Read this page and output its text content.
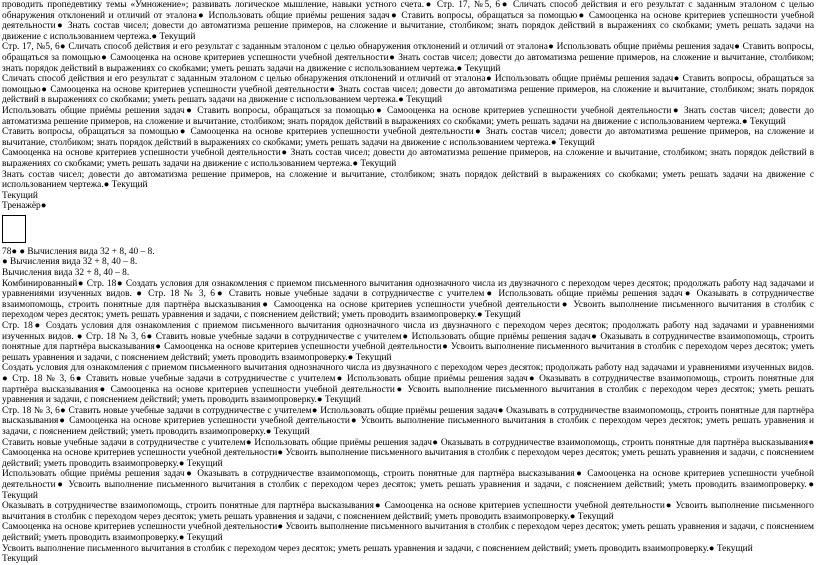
проводить пропедевтику темы «Умножение»; развивать логическое мышление, навыки устного счета.● Стр. 17, №5, 6● Сличать способ действия и его результат с заданным эталоном с целью обнаружения отклонений и отличий от эталона● Использовать общие приёмы решения задач● Ставить вопросы, обращаться за помощью● Самооценка на основе критериев успешности учебной деятельности● Знать состав чисел; довести до автоматизма решение примеров, на сложение и вычитание, столбиком; знать порядок действий в выражениях со скобками; уметь решать задачи на движение с использованием чертежа.● Текущий

Стр. 17, №5, 6● Сличать способ действия и его результат с заданным эталоном с целью обнаружения отклонений и отличий от эталона● Использовать общие приёмы решения задач● Ставить вопросы, обращаться за помощью● Самооценка на основе критериев успешности учебной деятельности● Знать состав чисел; довести до автоматизма решение примеров, на сложение и вычитание, столбиком; знать порядок действий в выражениях со скобками; уметь решать задачи на движение с использованием чертежа.● Текущий

Сличать способ действия и его результат с заданным эталоном с целью обнаружения отклонений и отличий от эталона● Использовать общие приёмы решения задач● Ставить вопросы, обращаться за помощью● Самооценка на основе критериев успешности учебной деятельности● Знать состав чисел; довести до автоматизма решение примеров, на сложение и вычитание, столбиком; знать порядок действий в выражениях со скобками; уметь решать задачи на движение с использованием чертежа.● Текущий

Использовать общие приёмы решения задач● Ставить вопросы, обращаться за помощью● Самооценка на основе критериев успешности учебной деятельности● Знать состав чисел; довести до автоматизма решение примеров, на сложение и вычитание, столбиком; знать порядок действий в выражениях со скобками; уметь решать задачи на движение с использованием чертежа.● Текущий

Ставить вопросы, обращаться за помощью● Самооценка на основе критериев успешности учебной деятельности● Знать состав чисел; довести до автоматизма решение примеров, на сложение и вычитание, столбиком; знать порядок действий в выражениях со скобками; уметь решать задачи на движение с использованием чертежа.● Текущий

Самооценка на основе критериев успешности учебной деятельности● Знать состав чисел; довести до автоматизма решение примеров, на сложение и вычитание, столбиком; знать порядок действий в выражениях со скобками; уметь решать задачи на движение с использованием чертежа.● Текущий

Знать состав чисел; довести до автоматизма решение примеров, на сложение и вычитание, столбиком; знать порядок действий в выражениях со скобками; уметь решать задачи на движение с использованием чертежа.● Текущий

Текущий

Тренажёр●

78● ● Вычисления вида 32 + 8, 40 – 8.

● Вычисления вида 32 + 8, 40 – 8.

Вычисления вида 32 + 8, 40 – 8.

Комбинированный● Стр. 18● Создать условия для ознакомления с приемом письменного вычитания однозначного числа из двузначного с переходом через десяток; продолжать работу над задачами и уравнениями изученных видов. ● Стр. 18 № 3, 6● Ставить новые учебные задачи в сотрудничестве с учителем● Использовать общие приёмы решения задач● Оказывать в сотрудничестве взаимопомощь, строить понятные для партнёра высказывания● Самооценка на основе критериев успешности учебной деятельности● Усвоить выполнение письменного вычитания в столбик с переходом через десяток; уметь решать уравнения и задачи, с пояснением действий; уметь проводить взаимопроверку.● Текущий

Стр. 18● Создать условия для ознакомления с приемом письменного вычитания однозначного числа из двузначного с переходом через десяток; продолжать работу над задачами и уравнениями изученных видов. ● Стр. 18 № 3, 6● Ставить новые учебные задачи в сотрудничестве с учителем● Использовать общие приёмы решения задач● Оказывать в сотрудничестве взаимопомощь, строить понятные для партнёра высказывания● Самооценка на основе критериев успешности учебной деятельности● Усвоить выполнение письменного вычитания в столбик с переходом через десяток; уметь решать уравнения и задачи, с пояснением действий; уметь проводить взаимопроверку.● Текущий

Создать условия для ознакомления с приемом письменного вычитания однозначного числа из двузначного с переходом через десяток; продолжать работу над задачами и уравнениями изученных видов. ● Стр. 18 № 3, 6● Ставить новые учебные задачи в сотрудничестве с учителем● Использовать общие приёмы решения задач● Оказывать в сотрудничестве взаимопомощь, строить понятные для партнёра высказывания● Самооценка на основе критериев успешности учебной деятельности● Усвоить выполнение письменного вычитания в столбик с переходом через десяток; уметь решать уравнения и задачи, с пояснением действий; уметь проводить взаимопроверку.● Текущий

Стр. 18 № 3, 6● Ставить новые учебные задачи в сотрудничестве с учителем● Использовать общие приёмы решения задач● Оказывать в сотрудничестве взаимопомощь, строить понятные для партнёра высказывания● Самооценка на основе критериев успешности учебной деятельности● Усвоить выполнение письменного вычитания в столбик с переходом через десяток; уметь решать уравнения и задачи, с пояснением действий; уметь проводить взаимопроверку.● Текущий

Ставить новые учебные задачи в сотрудничестве с учителем● Использовать общие приёмы решения задач● Оказывать в сотрудничестве взаимопомощь, строить понятные для партнёра высказывания● Самооценка на основе критериев успешности учебной деятельности● Усвоить выполнение письменного вычитания в столбик с переходом через десяток; уметь решать уравнения и задачи, с пояснением действий; уметь проводить взаимопроверку.● Текущий

Использовать общие приёмы решения задач● Оказывать в сотрудничестве взаимопомощь, строить понятные для партнёра высказывания● Самооценка на основе критериев успешности учебной деятельности● Усвоить выполнение письменного вычитания в столбик с переходом через десяток; уметь решать уравнения и задачи, с пояснением действий; уметь проводить взаимопроверку.● Текущий

Оказывать в сотрудничестве взаимопомощь, строить понятные для партнёра высказывания● Самооценка на основе критериев успешности учебной деятельности● Усвоить выполнение письменного вычитания в столбик с переходом через десяток; уметь решать уравнения и задачи, с пояснением действий; уметь проводить взаимопроверку.● Текущий

Самооценка на основе критериев успешности учебной деятельности● Усвоить выполнение письменного вычитания в столбик с переходом через десяток; уметь решать уравнения и задачи, с пояснением действий; уметь проводить взаимопроверку.● Текущий

Усвоить выполнение письменного вычитания в столбик с переходом через десяток; уметь решать уравнения и задачи, с пояснением действий; уметь проводить взаимопроверку.● Текущий

Текущий
